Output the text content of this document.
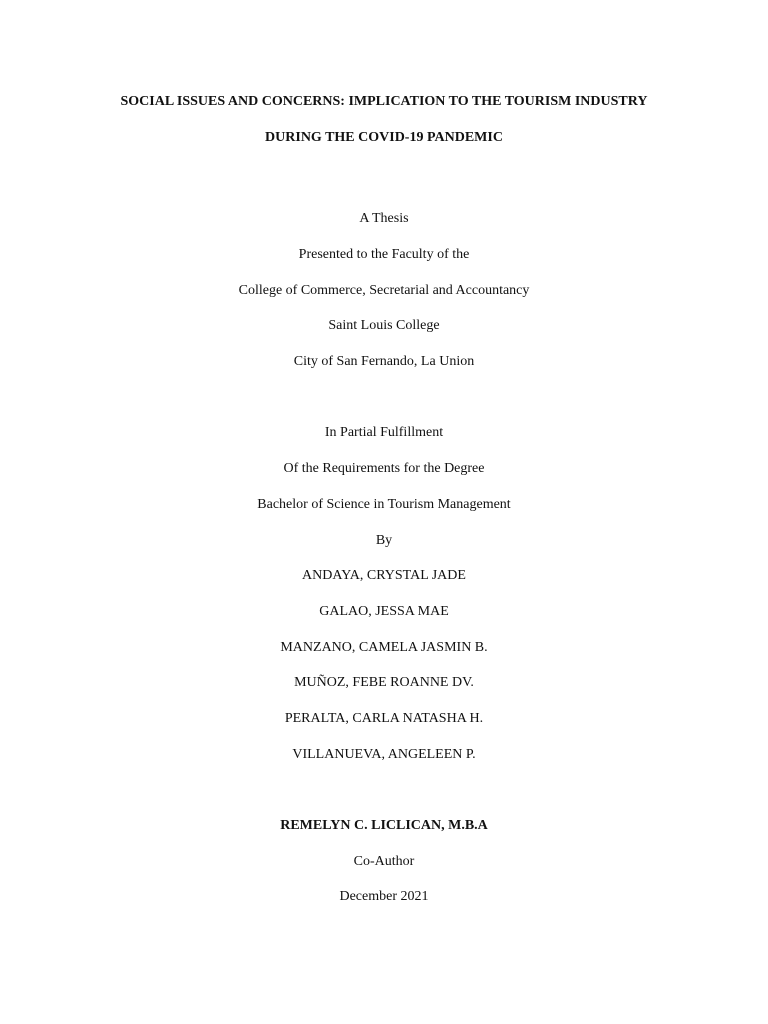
SOCIAL ISSUES AND CONCERNS: IMPLICATION TO THE TOURISM INDUSTRY
DURING THE COVID-19 PANDEMIC
A Thesis
Presented to the Faculty of the
College of Commerce, Secretarial and Accountancy
Saint Louis College
City of San Fernando, La Union
In Partial Fulfillment
Of the Requirements for the Degree
Bachelor of Science in Tourism Management
By
ANDAYA, CRYSTAL JADE
GALAO, JESSA MAE
MANZANO, CAMELA JASMIN B.
MUÑOZ, FEBE ROANNE DV.
PERALTA, CARLA NATASHA H.
VILLANUEVA, ANGELEEN P.
REMELYN C. LICLICAN, M.B.A
Co-Author
December 2021
